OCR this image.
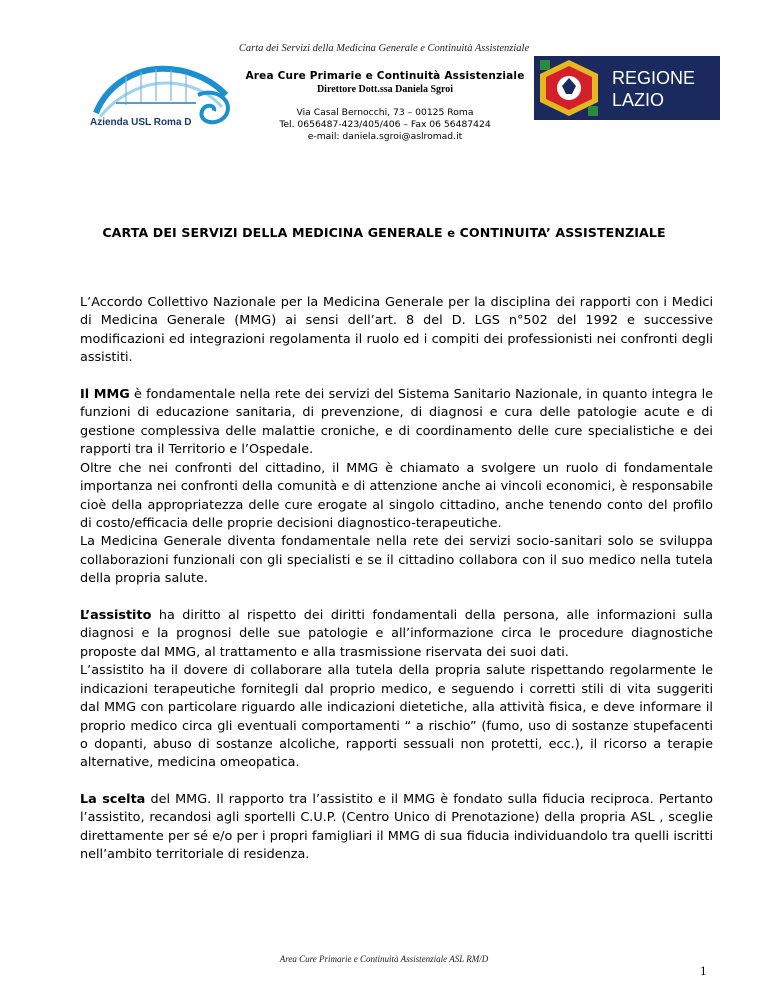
Carta dei Servizi della Medicina Generale e Continuità Assistenziale
Azienda USL Roma D
Area Cure Primarie e Continuità Assistenziale
Direttore Dott.ssa Daniela Sgroi
Via Casal Bernocchi, 73 – 00125 Roma
Tel. 0656487-423/405/406 – Fax 06 56487424
e-mail: daniela.sgroi@aslromad.it
REGIONE
LAZIO
CARTA DEI SERVIZI DELLA MEDICINA GENERALE e CONTINUITA’ ASSISTENZIALE

L’Accordo Collettivo Nazionale per la Medicina Generale per la disciplina dei rapporti con i Medici di Medicina Generale (MMG) ai sensi dell’art. 8 del D. LGS n°502 del 1992 e successive modificazioni ed integrazioni regolamenta il ruolo ed i compiti dei professionisti nei confronti degli assistiti.

Il MMG è fondamentale nella rete dei servizi del Sistema Sanitario Nazionale, in quanto integra le funzioni di educazione sanitaria, di prevenzione, di diagnosi e cura delle patologie acute e di gestione complessiva delle malattie croniche, e di coordinamento delle cure specialistiche e dei rapporti tra il Territorio e l’Ospedale.
Oltre che nei confronti del cittadino, il MMG è chiamato a svolgere un ruolo di fondamentale importanza nei confronti della comunità e di attenzione anche ai vincoli economici, è responsabile cioè della appropriatezza delle cure erogate al singolo cittadino, anche tenendo conto del profilo di costo/efficacia delle proprie decisioni diagnostico-terapeutiche.
La Medicina Generale diventa fondamentale nella rete dei servizi socio-sanitari solo se sviluppa collaborazioni funzionali con gli specialisti e se il cittadino collabora con il suo medico nella tutela della propria salute.

L’assistito ha diritto al rispetto dei diritti fondamentali della persona, alle informazioni sulla diagnosi e la prognosi delle sue patologie e all’informazione circa le procedure diagnostiche proposte dal MMG, al trattamento e alla trasmissione riservata dei suoi dati.
L’assistito ha il dovere di collaborare alla tutela della propria salute rispettando regolarmente le indicazioni terapeutiche fornitegli dal proprio medico, e seguendo i corretti stili di vita suggeriti dal MMG con particolare riguardo alle indicazioni dietetiche, alla attività fisica, e deve informare il proprio medico circa gli eventuali comportamenti “ a rischio” (fumo, uso di sostanze stupefacenti o dopanti, abuso di sostanze alcoliche, rapporti sessuali non protetti, ecc.), il ricorso a terapie alternative, medicina omeopatica.

La scelta del MMG. Il rapporto tra l’assistito e il MMG è fondato sulla fiducia reciproca. Pertanto l’assistito, recandosi agli sportelli C.U.P. (Centro Unico di Prenotazione) della propria ASL , sceglie direttamente per sé e/o per i propri famigliari il MMG di sua fiducia individuandolo tra quelli iscritti nell’ambito territoriale di residenza.

Area Cure Primarie e Continuità Assistenziale ASL RM/D
1
